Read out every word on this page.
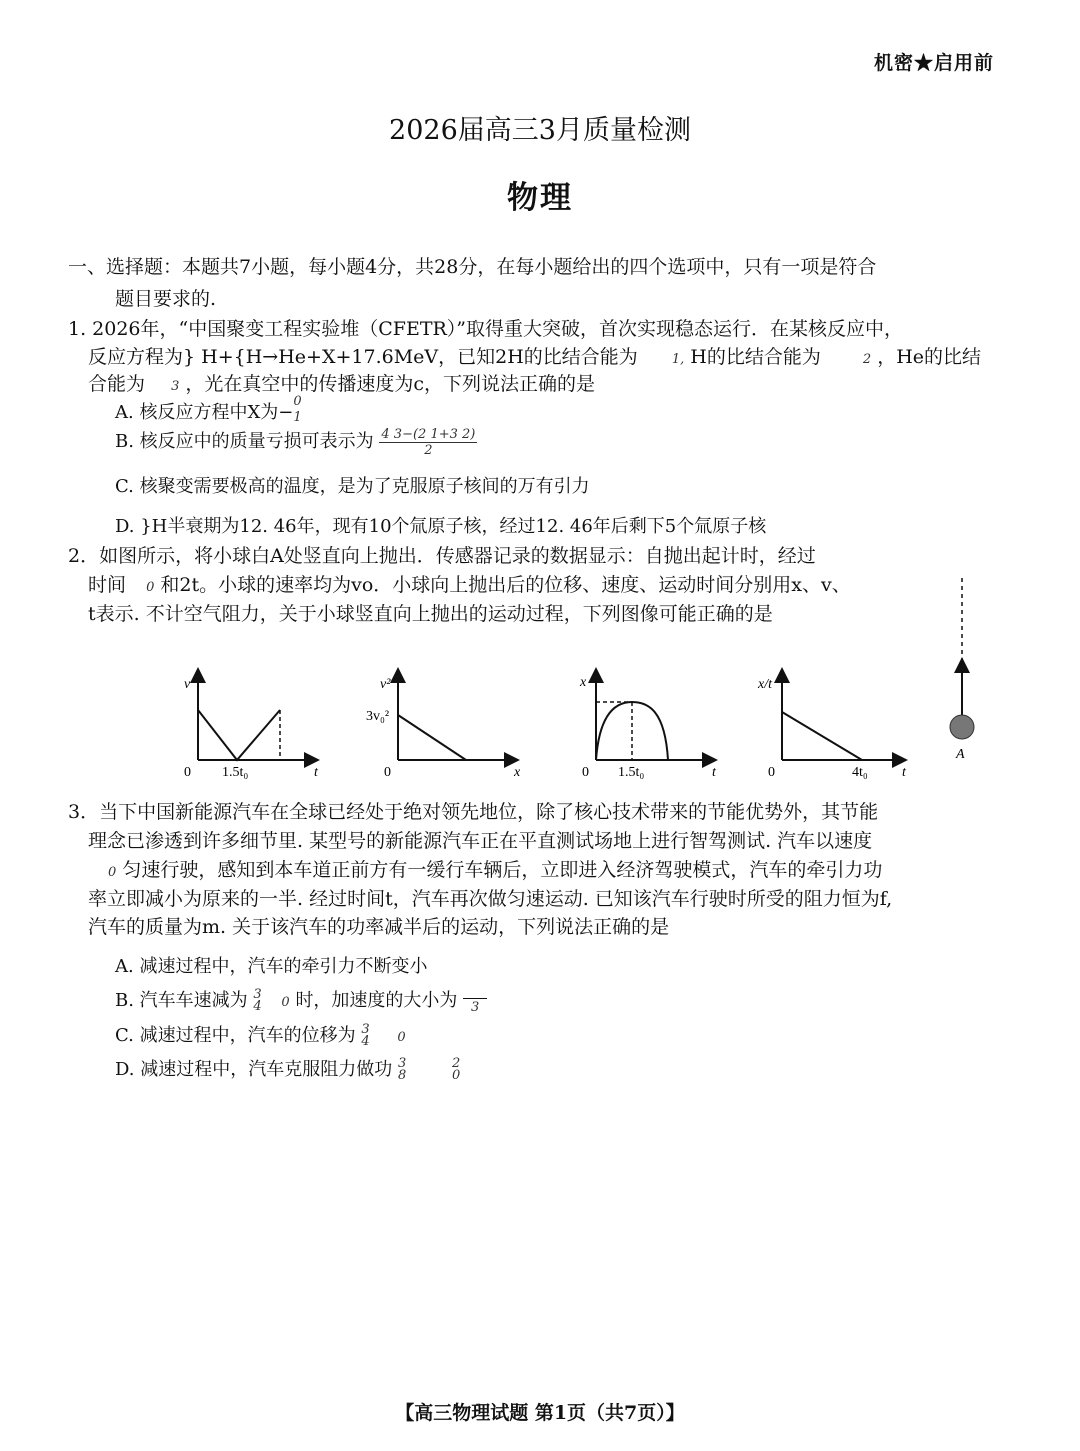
机密★启用前
2026届高三3月质量检测
物理
一、选择题：本题共7小题，每小题4分，共28分，在每小题给出的四个选项中，只有一项是符合
题目要求的.
1. 2026年，“中国聚变工程实验堆（CFETR）”取得重大突破，首次实现稳态运行．在某核反应中，
反应方程为} H+{H→He+X+17.6MeV，已知2H的比结合能为	1, H的比结合能为	2 ，He的比结
合能为 3 ，光在真空中的传播速度为c，下列说法正确的是
A. 核反应方程中X为−
0
1
B. 核反应中的质量亏损可表示为 $\frac{4 3-(2 1+3 2)}{2}$
C. 核聚变需要极高的温度，是为了克服原子核间的万有引力
D. }H半衰期为12. 46年，现有10个氚原子核，经过12. 46年后剩下5个氚原子核
2．如图所示，将小球白A处竖直向上抛出．传感器记录的数据显示：自抛出起计时，经过
时间 0 和2t。小球的速率均为vo．小球向上抛出后的位移、速度、运动时间分别用x、v、
t表示. 不计空气阻力，关于小球竖直向上抛出的运动过程，下列图像可能正确的是
v
t
0 1.5t₀
v²
3v₀²
x
0
x
t
0 1.5t₀
x/t
t
0	4t₀
A
3．当下中国新能源汽车在全球已经处于绝对领先地位，除了核心技术带来的节能优势外，其节能
理念已渗透到许多细节里. 某型号的新能源汽车正在平直测试场地上进行智驾测试. 汽车以速度
0 匀速行驶，感知到本车道正前方有一缓行车辆后，立即进入经济驾驶模式，汽车的牵引力功
率立即减小为原来的一半. 经过时间t，汽车再次做匀速运动. 已知该汽车行驶时所受的阻力恒为f,
汽车的质量为m. 关于该汽车的功率减半后的运动，下列说法正确的是
A. 减速过程中，汽车的牵引力不断变小
B. 汽车车速减为 3
4 0 时，加速度的大小为 3
C. 减速过程中，汽车的位移为 3
4 0
D. 减速过程中，汽车克服阻力做功 3
8

2
0
【高三物理试题 第1页（共7页）】
